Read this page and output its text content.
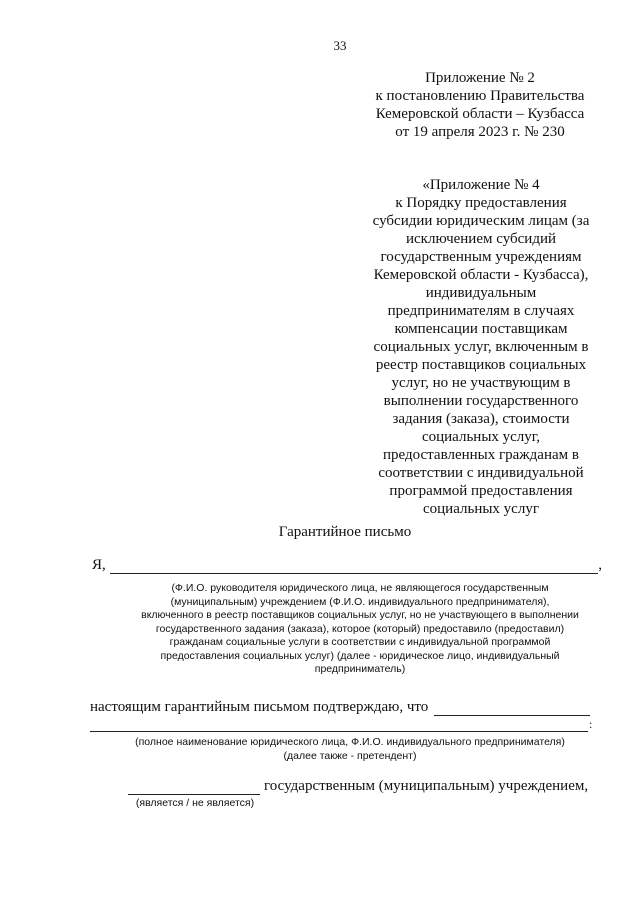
33
Приложение № 2
к постановлению Правительства
Кемеровской области – Кузбасса
от 19 апреля 2023 г. № 230
«Приложение № 4
к Порядку предоставления
субсидии юридическим лицам (за
исключением субсидий
государственным учреждениям
Кемеровской области - Кузбасса),
индивидуальным
предпринимателям в случаях
компенсации поставщикам
социальных услуг, включенным в
реестр поставщиков социальных
услуг, но не участвующим в
выполнении государственного
задания (заказа), стоимости
социальных услуг,
предоставленных гражданам в
соответствии с индивидуальной
программой предоставления
социальных услуг
Гарантийное письмо
Я,	,
(Ф.И.О. руководителя юридического лица, не являющегося государственным
(муниципальным) учреждением (Ф.И.О. индивидуального предпринимателя),
включенного в реестр поставщиков социальных услуг, но не участвующего в выполнении
государственного задания (заказа), которое (который) предоставило (предоставил)
гражданам социальные услуги в соответствии с индивидуальной программой
предоставления социальных услуг) (далее - юридическое лицо, индивидуальный
предприниматель)
настоящим гарантийным письмом подтверждаю, что
:
(полное наименование юридического лица, Ф.И.О. индивидуального предпринимателя)
(далее также - претендент)
государственным (муниципальным) учреждением,
(является / не является)
